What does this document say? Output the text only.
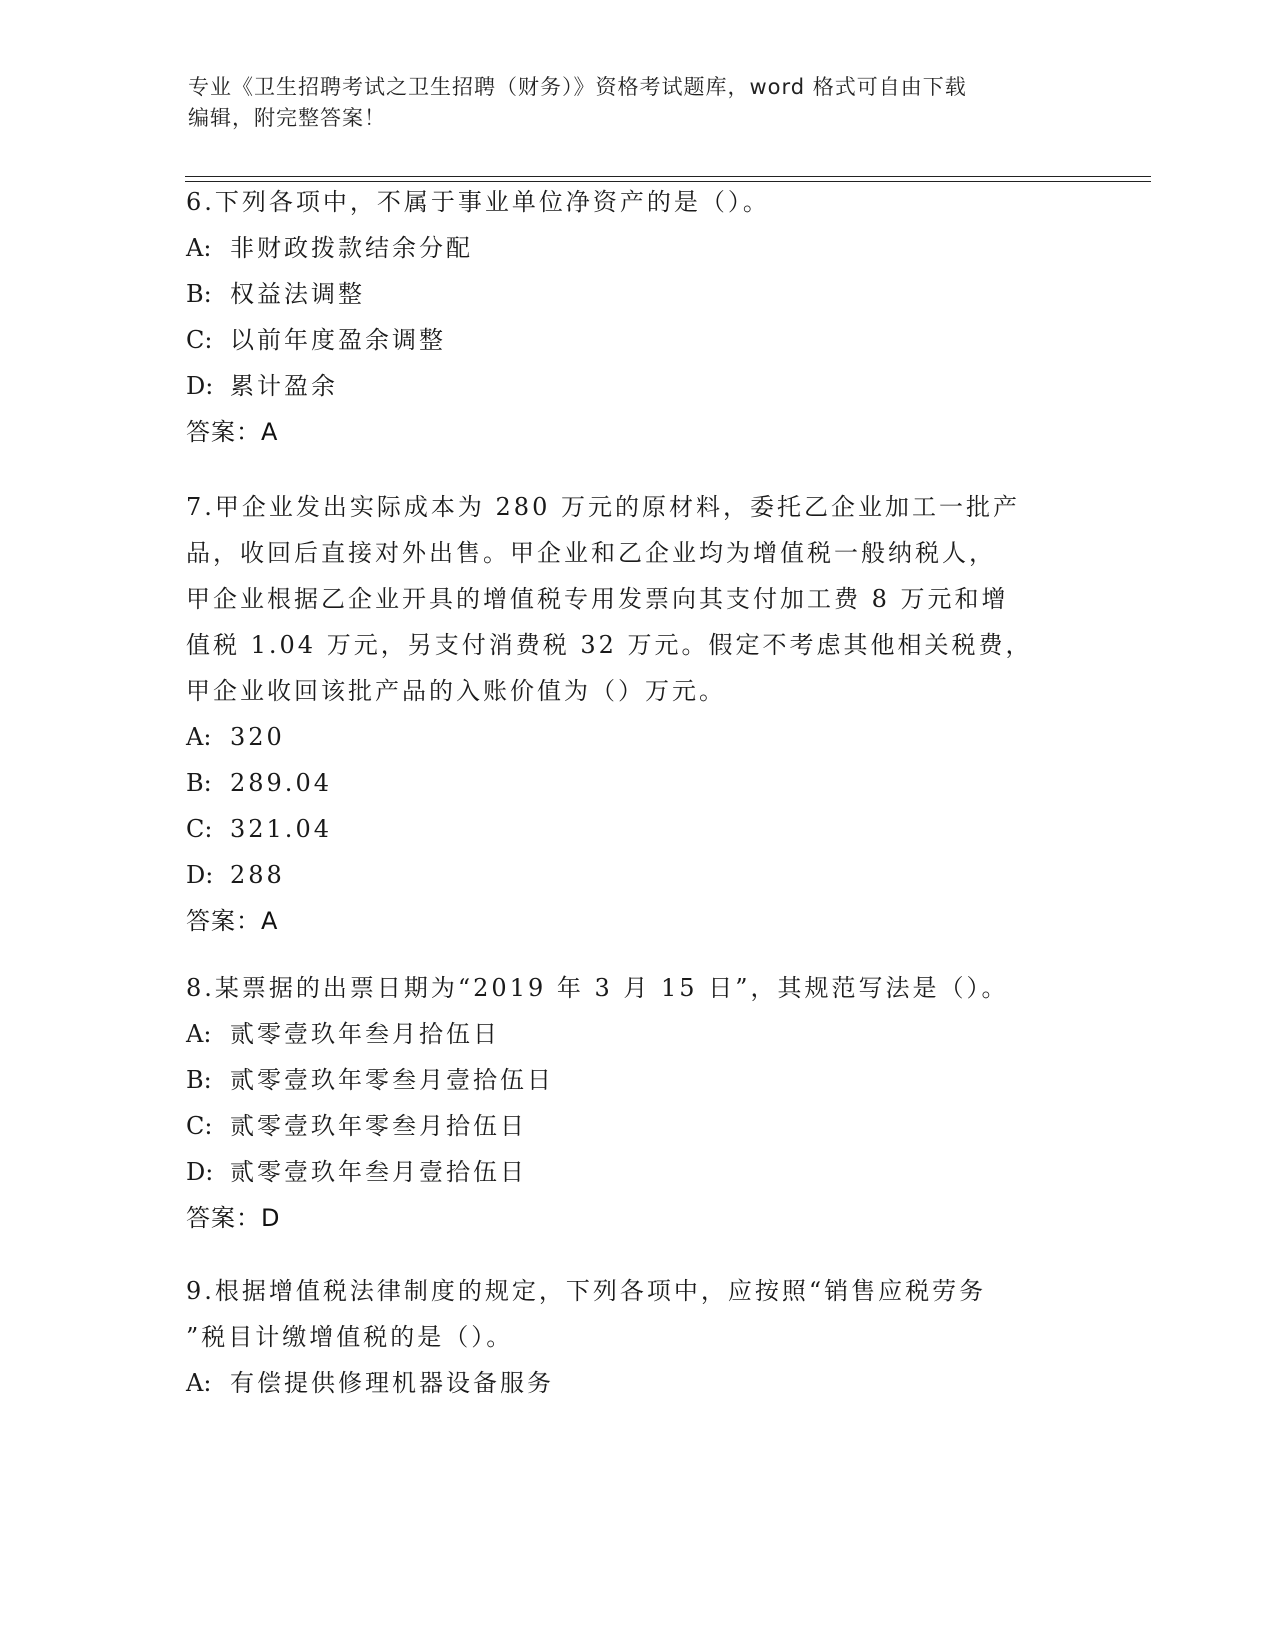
专业《卫生招聘考试之卫生招聘（财务）》资格考试题库，word 格式可自由下载
编辑，附完整答案！
6.下列各项中，不属于事业单位净资产的是（）。
A: 非财政拨款结余分配
B: 权益法调整
C: 以前年度盈余调整
D: 累计盈余
答案：A
7.甲企业发出实际成本为 280 万元的原材料，委托乙企业加工一批产
品，收回后直接对外出售。甲企业和乙企业均为增值税一般纳税人，
甲企业根据乙企业开具的增值税专用发票向其支付加工费 8 万元和增
值税 1.04 万元，另支付消费税 32 万元。假定不考虑其他相关税费，
甲企业收回该批产品的入账价值为（）万元。
A: 320
B: 289.04
C: 321.04
D: 288
答案：A
8.某票据的出票日期为“2019 年 3 月 15 日”，其规范写法是（）。
A: 贰零壹玖年叁月拾伍日
B: 贰零壹玖年零叁月壹拾伍日
C: 贰零壹玖年零叁月拾伍日
D: 贰零壹玖年叁月壹拾伍日
答案：D
9.根据增值税法律制度的规定，下列各项中，应按照“销售应税劳务
”税目计缴增值税的是（）。
A: 有偿提供修理机器设备服务
